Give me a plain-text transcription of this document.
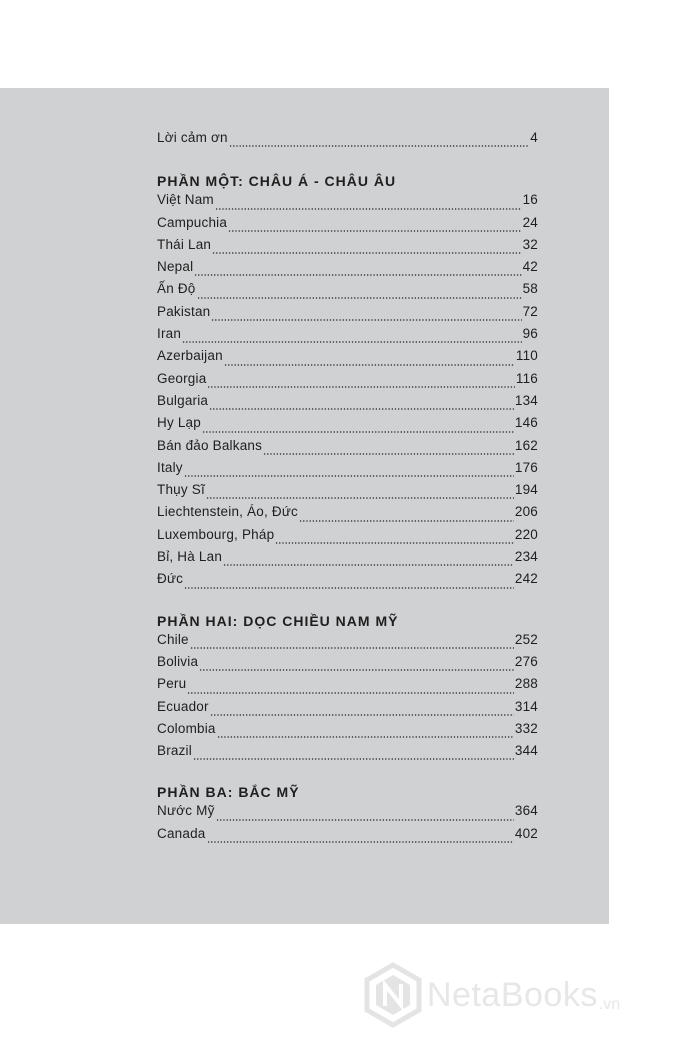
Lời cảm ơn	4
PHẦN MỘT: CHÂU Á - CHÂU ÂU
Việt Nam	16
Campuchia	24
Thái Lan	32
Nepal	42
Ấn Độ	58
Pakistan	72
Iran	96
Azerbaijan	110
Georgia	116
Bulgaria	134
Hy Lạp	146
Bán đảo Balkans	162
Italy	176
Thụy Sĩ	194
Liechtenstein, Áo, Đức	206
Luxembourg, Pháp	220
Bỉ, Hà Lan	234
Đức	242
PHẦN HAI: DỌC CHIỀU NAM MỸ
Chile	252
Bolivia	276
Peru	288
Ecuador	314
Colombia	332
Brazil	344
PHẦN BA: BẮC MỸ
Nước Mỹ	364
Canada	402
NetaBooks .vn
